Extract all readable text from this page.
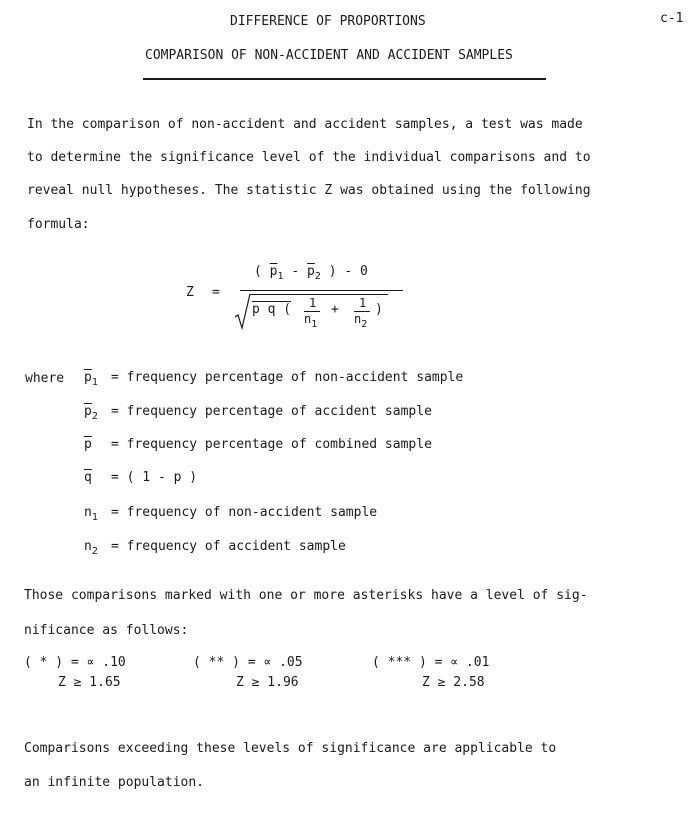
DIFFERENCE OF PROPORTIONS	c-1
COMPARISON OF NON-ACCIDENT AND ACCIDENT SAMPLES
In the comparison of non-accident and accident samples, a test was made
to determine the significance level of the individual comparisons and to
reveal null hypotheses. The statistic Z was obtained using the following
formula:
Z =
( $\overline{p}_1 - \overline{p}_2$ ) - 0
p q ( 1
$n_1$
+ 1
$n_2$
)
where $\overline{p}_1$ = frequency percentage of non-accident sample
$\overline{p}_2$ = frequency percentage of accident sample
$\overline{p}$ = frequency percentage of combined sample
$\overline{q}$ = ( 1 - p )
$n_1$ = frequency of non-accident sample
$n_2$ = frequency of accident sample
Those comparisons marked with one or more asterisks have a level of sig-
nificance as follows:
( * ) = ∝ .10
Z ≥ 1.65
( ** ) = ∝ .05
Z ≥ 1.96
( *** ) = ∝ .01
Z ≥ 2.58
Comparisons exceeding these levels of significance are applicable to
an infinite population.
